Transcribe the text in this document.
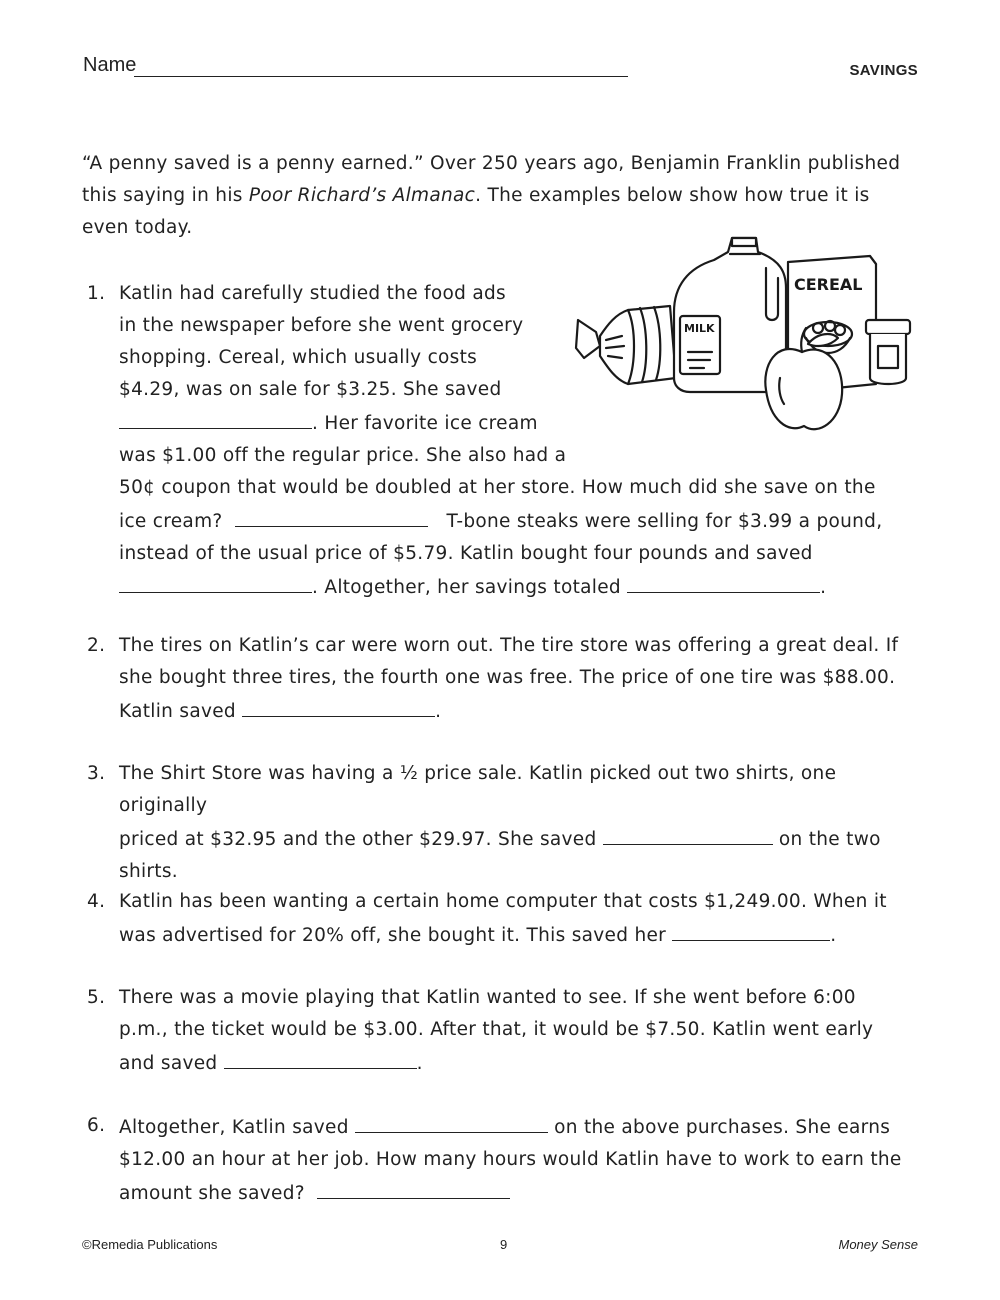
Name	SAVINGS
“A penny saved is a penny earned.” Over 250 years ago, Benjamin Franklin published this saying in his Poor Richard’s Almanac. The examples below show how true it is even today.
MILK
CEREAL
1. Katlin had carefully studied the food ads
in the newspaper before she went grocery
shopping. Cereal, which usually costs
$4.29, was on sale for $3.25. She saved
. Her favorite ice cream
was $1.00 off the regular price. She also had a
50¢ coupon that would be doubled at her store. How much did she save on the
ice cream?	T-bone steaks were selling for $3.99 a pound,
instead of the usual price of $5.79. Katlin bought four pounds and saved
. Altogether, her savings totaled	.
2. The tires on Katlin’s car were worn out. The tire store was offering a great deal. If
she bought three tires, the fourth one was free. The price of one tire was $88.00.
Katlin saved	.
3. The Shirt Store was having a ½ price sale. Katlin picked out two shirts, one originally
priced at $32.95 and the other $29.97. She saved	on the two
shirts.
4. Katlin has been wanting a certain home computer that costs $1,249.00. When it
was advertised for 20% off, she bought it. This saved her	.
5. There was a movie playing that Katlin wanted to see. If she went before 6:00
p.m., the ticket would be $3.00. After that, it would be $7.50. Katlin went early
and saved	.
6. Altogether, Katlin saved	on the above purchases. She earns
$12.00 an hour at her job. How many hours would Katlin have to work to earn the
amount she saved?
©Remedia Publications	9	Money Sense
